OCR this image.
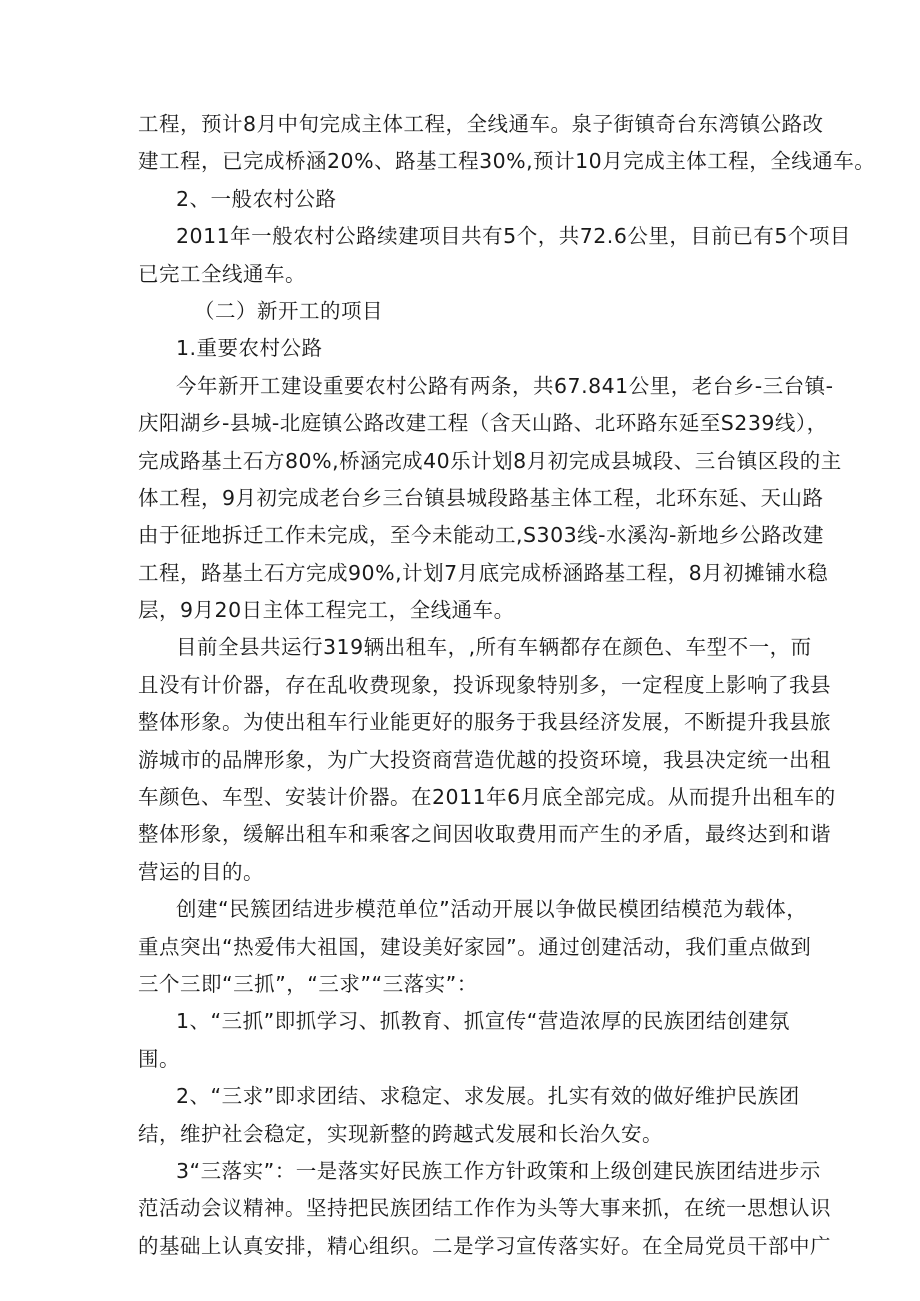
工程，预计8月中旬完成主体工程，全线通车。泉子街镇奇台东湾镇公路改
建工程，已完成桥涵20%、路基工程30%,预计10月完成主体工程，全线通车。
2、一般农村公路
2011年一般农村公路续建项目共有5个，共72.6公里，目前已有5个项目
已完工全线通车。
（二）新开工的项目
1.重要农村公路
今年新开工建设重要农村公路有两条，共67.841公里，老台乡-三台镇-
庆阳湖乡-县城-北庭镇公路改建工程（含天山路、北环路东延至S239线），
完成路基土石方80%,桥涵完成40乐计划8月初完成县城段、三台镇区段的主
体工程，9月初完成老台乡三台镇县城段路基主体工程，北环东延、天山路
由于征地拆迁工作未完成，至今未能动工,S303线-水溪沟-新地乡公路改建
工程，路基土石方完成90%,计划7月底完成桥涵路基工程，8月初摊铺水稳
层，9月20日主体工程完工，全线通车。
目前全县共运行319辆出租车，,所有车辆都存在颜色、车型不一，而
且没有计价器，存在乱收费现象，投诉现象特别多，一定程度上影响了我县
整体形象。为使出租车行业能更好的服务于我县经济发展，不断提升我县旅
游城市的品牌形象，为广大投资商营造优越的投资环境，我县决定统一出租
车颜色、车型、安装计价器。在2011年6月底全部完成。从而提升出租车的
整体形象，缓解出租车和乘客之间因收取费用而产生的矛盾，最终达到和谐
营运的目的。
创建“民簇团结进步模范单位”活动开展以争做民模团结模范为载体，
重点突出“热爱伟大祖国，建设美好家园”。通过创建活动，我们重点做到
三个三即“三抓”，“三求”“三落实”：
1、“三抓”即抓学习、抓教育、抓宣传“营造浓厚的民族团结创建氛
围。
2、“三求”即求团结、求稳定、求发展。扎实有效的做好维护民族团
结，维护社会稳定，实现新整的跨越式发展和长治久安。
3“三落实”：一是落实好民族工作方针政策和上级创建民族团结进步示
范活动会议精神。坚持把民族团结工作作为头等大事来抓，在统一思想认识
的基础上认真安排，精心组织。二是学习宣传落实好。在全局党员干部中广
